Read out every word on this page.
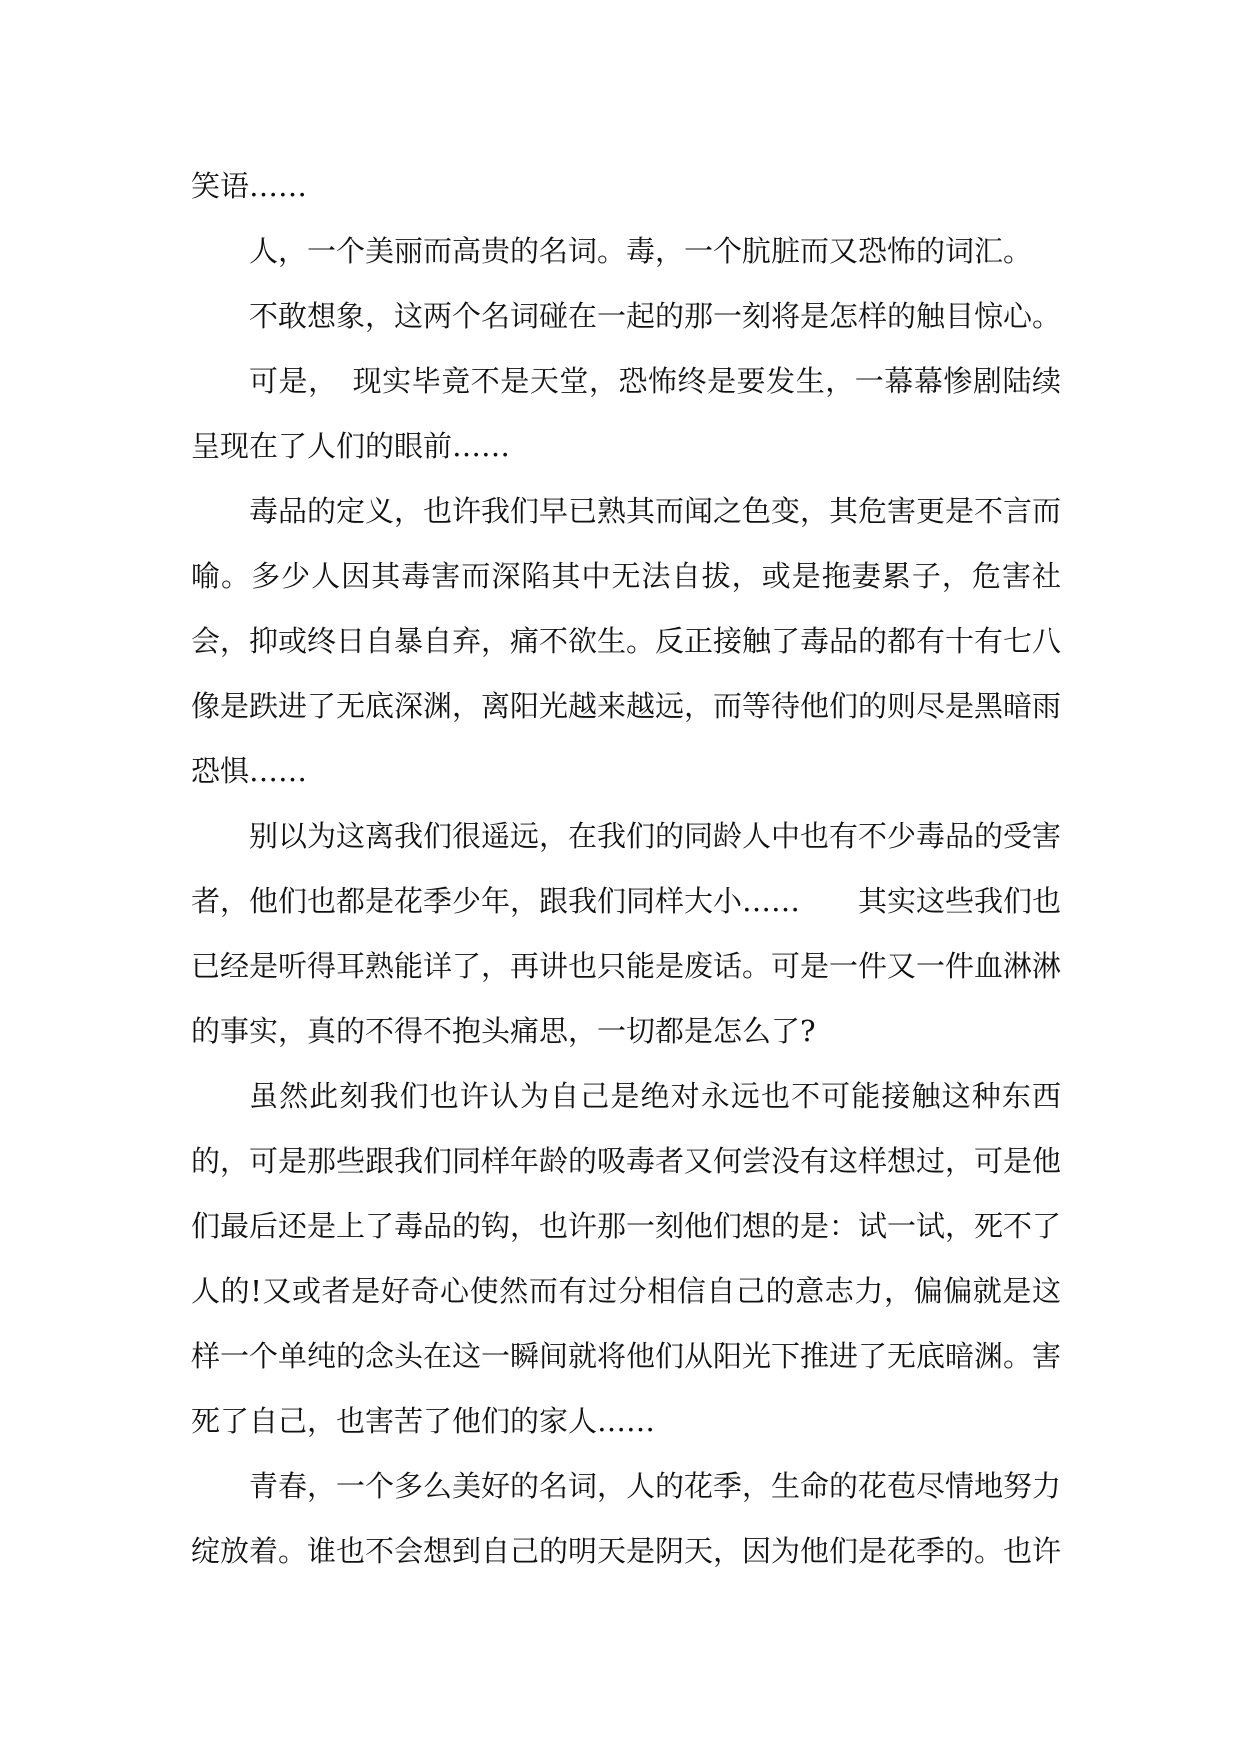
笑语……

人，一个美丽而高贵的名词。毒，一个肮脏而又恐怖的词汇。

不敢想象，这两个名词碰在一起的那一刻将是怎样的触目惊心。

可是，　现实毕竟不是天堂，恐怖终是要发生，一幕幕惨剧陆续呈现在了人们的眼前……

毒品的定义，也许我们早已熟其而闻之色变，其危害更是不言而喻。多少人因其毒害而深陷其中无法自拔，或是拖妻累子，危害社会，抑或终日自暴自弃，痛不欲生。反正接触了毒品的都有十有七八像是跌进了无底深渊，离阳光越来越远，而等待他们的则尽是黑暗雨恐惧……

别以为这离我们很遥远，在我们的同龄人中也有不少毒品的受害者，他们也都是花季少年，跟我们同样大小……　　其实这些我们也已经是听得耳熟能详了，再讲也只能是废话。可是一件又一件血淋淋的事实，真的不得不抱头痛思，一切都是怎么了?

虽然此刻我们也许认为自己是绝对永远也不可能接触这种东西的，可是那些跟我们同样年龄的吸毒者又何尝没有这样想过，可是他们最后还是上了毒品的钩，也许那一刻他们想的是：试一试，死不了人的!又或者是好奇心使然而有过分相信自己的意志力，偏偏就是这样一个单纯的念头在这一瞬间就将他们从阳光下推进了无底暗渊。害死了自己，也害苦了他们的家人……

青春，一个多么美好的名词，人的花季，生命的花苞尽情地努力绽放着。谁也不会想到自己的明天是阴天，因为他们是花季的。也许
